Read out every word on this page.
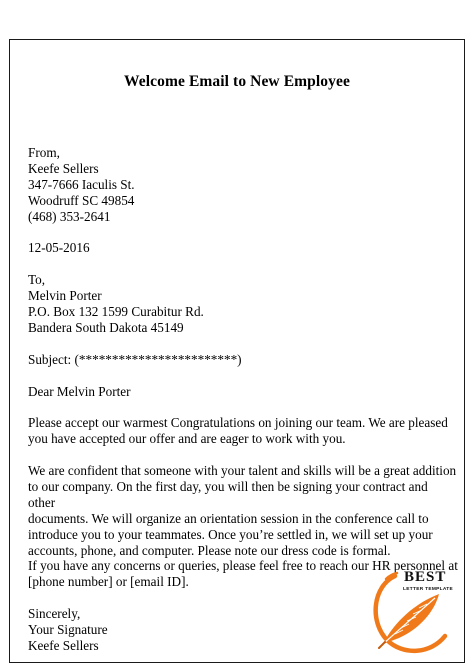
Welcome Email to New Employee
From,
Keefe Sellers
347-7666 Iaculis St.
Woodruff SC 49854
(468) 353-2641
12-05-2016
To,
Melvin Porter
P.O. Box 132 1599 Curabitur Rd.
Bandera South Dakota 45149
Subject: (************************)
Dear Melvin Porter
Please accept our warmest Congratulations on joining our team. We are pleased
you have accepted our offer and are eager to work with you.
We are confident that someone with your talent and skills will be a great addition
to our company. On the first day, you will then be signing your contract and other
documents. We will organize an orientation session in the conference call to
introduce you to your teammates. Once you’re settled in, we will set up your
accounts, phone, and computer. Please note our dress code is formal.
If you have any concerns or queries, please feel free to reach our HR personnel at
[phone number] or [email ID].
Sincerely,
Your Signature
Keefe Sellers
BEST
LETTER TEMPLATE
